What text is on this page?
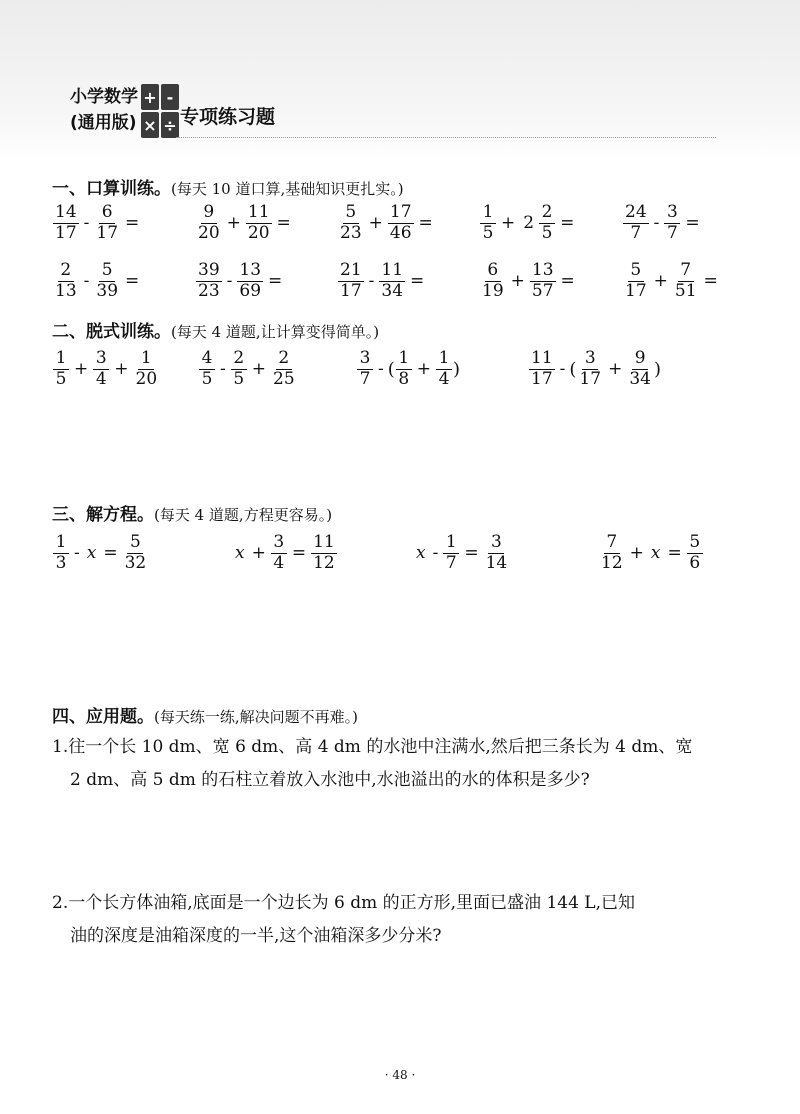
小学数学
(通用版)
+ -
× ÷ 专项练习题
一、口算训练。(每天 10 道口算,基础知识更扎实。)
$\frac{14}{17} - \frac{6}{17}$ =	$\frac{9}{20} + \frac{11}{20}$ =	$\frac{5}{23} + \frac{17}{46}$ =	$\frac{1}{5} + 2 \frac{2}{5}$ =	$\frac{24}{7} - \frac{3}{7}$ =
$\frac{2}{13} - \frac{5}{39}$ =	$\frac{39}{23} - \frac{13}{69}$ =	$\frac{21}{17} - \frac{11}{34}$ =	$\frac{6}{19} + \frac{13}{57}$ =	$\frac{5}{17} + \frac{7}{51}$ =
二、脱式训练。(每天 4 道题,让计算变得简单。)
$\frac{1}{5} + \frac{3}{4} + \frac{1}{20} \frac{4}{5} - \frac{2}{5} + \frac{2}{25}$	$\frac{3}{7}$ - ( $\frac{1}{8} + \frac{1}{4}$ )	$\frac{11}{17}$ - ( $\frac{3}{17} + \frac{9}{34}$ )
三、解方程。(每天 4 道题,方程更容易。)
$\frac{1}{3} - x = \frac{5}{32}$	$x + \frac{3}{4} = \frac{11}{12}$	$x - \frac{1}{7} = \frac{3}{14}$	$\frac{7}{12} + x = \frac{5}{6}$
四、应用题。(每天练一练,解决问题不再难。)
1.往一个长 10 dm、宽 6 dm、高 4 dm 的水池中注满水,然后把三条长为 4 dm、宽
2 dm、高 5 dm 的石柱立着放入水池中,水池溢出的水的体积是多少?
2.一个长方体油箱,底面是一个边长为 6 dm 的正方形,里面已盛油 144 L,已知
油的深度是油箱深度的一半,这个油箱深多少分米?
· 48 ·
